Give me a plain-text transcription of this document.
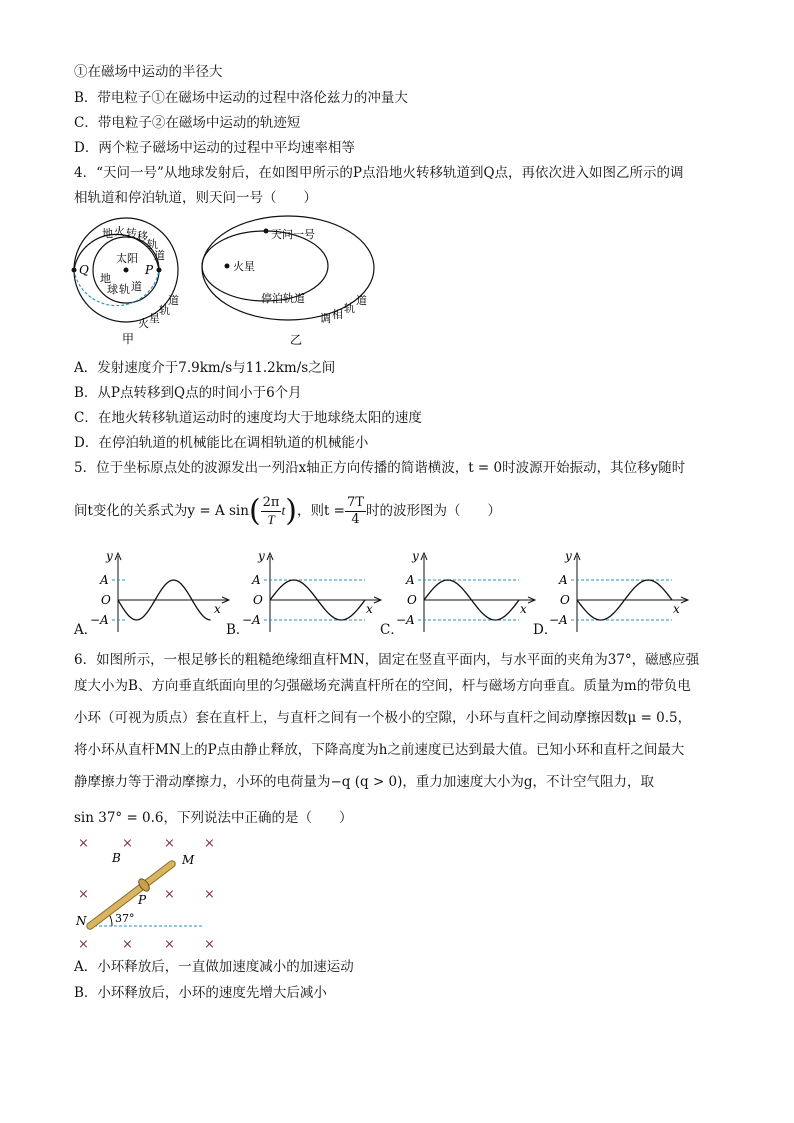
①在磁场中运动的半径大
B．带电粒子①在磁场中运动的过程中洛伦兹力的冲量大
C．带电粒子②在磁场中运动的轨迹短
D．两个粒子磁场中运动的过程中平均速率相等
4．“天问一号”从地球发射后，在如图甲所示的P点沿地火转移轨道到Q点，再依次进入如图乙所示的调
相轨道和停泊轨道，则天问一号（　　）
Q	P
太阳
地 火 转 移
轨
道
地
球 轨 道
火 星
轨
道
甲
天问一号
火星
停泊轨道
调 相 轨
道
乙
A．发射速度介于7.9km/s与11.2km/s之间
B．从P点转移到Q点的时间小于6个月
C．在地火转移轨道运动时的速度均大于地球绕太阳的速度
D．在停泊轨道的机械能比在调相轨道的机械能小
5．位于坐标原点处的波源发出一列沿x轴正方向传播的简谐横波，t = 0时波源开始振动，其位移y随时
间t变化的关系式为y = A $\sin( \frac{2\pi}{T} t)$，则$t = \frac{7T}{4}$ 时的波形图为（　　）
y
x
A
O
−A
A．
y
x
A
O
−A
B．
y
x
A
O
−A
C．
y
x
A
O
−A
D．
6．如图所示，一根足够长的粗糙绝缘细直杆MN，固定在竖直平面内，与水平面的夹角为37°，磁感应强
度大小为B、方向垂直纸面向里的匀强磁场充满直杆所在的空间，杆与磁场方向垂直。质量为m的带负电
小环（可视为质点）套在直杆上，与直杆之间有一个极小的空隙，小环与直杆之间动摩擦因数μ = 0.5，
将小环从直杆MN上的P点由静止释放，下降高度为h之前速度已达到最大值。已知小环和直杆之间最大
静摩擦力等于滑动摩擦力，小环的电荷量为−q (q > 0)，重力加速度大小为g，不计空气阻力，取
sin 37° = 0.6，下列说法中正确的是（　　）
×	× × ×
×	× ×
×	× × ×
B	M
P
N	37°
A．小环释放后，一直做加速度减小的加速运动
B．小环释放后，小环的速度先增大后减小
